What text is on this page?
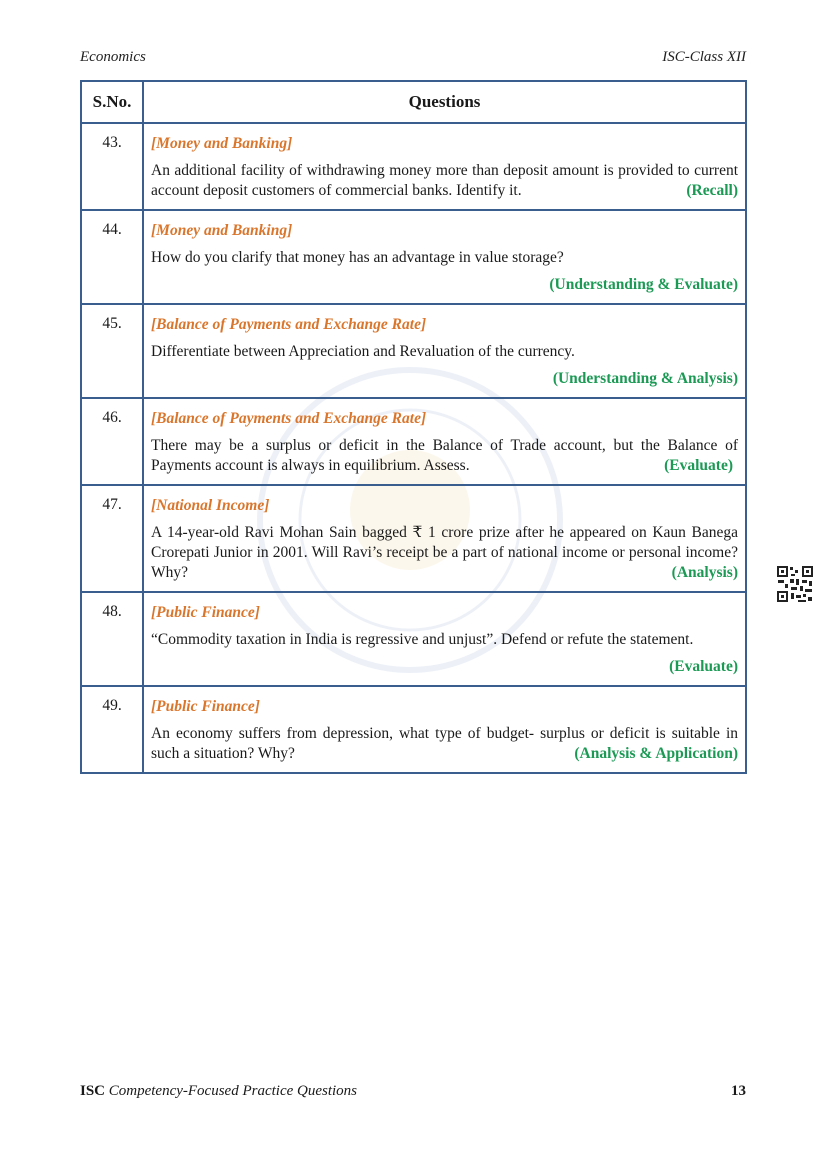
Economics	ISC-Class XII
S.No.	Questions
43.	[Money and Banking]
An additional facility of withdrawing money more than deposit amount is provided to current account deposit customers of commercial banks. Identify it. (Recall)

44.	[Money and Banking]
How do you clarify that money has an advantage in value storage?
(Understanding & Evaluate)

45.	[Balance of Payments and Exchange Rate]
Differentiate between Appreciation and Revaluation of the currency.
(Understanding & Analysis)

46.	[Balance of Payments and Exchange Rate]
There may be a surplus or deficit in the Balance of Trade account, but the Balance of Payments account is always in equilibrium. Assess. (Evaluate)

47.	[National Income]
A 14-year-old Ravi Mohan Sain bagged ₹ 1 crore prize after he appeared on Kaun Banega Crorepati Junior in 2001. Will Ravi’s receipt be a part of national income or personal income? Why? (Analysis)

48.	[Public Finance]
“Commodity taxation in India is regressive and unjust”. Defend or refute the statement.
(Evaluate)

49.	[Public Finance]
An economy suffers from depression, what type of budget- surplus or deficit is suitable in such a situation? Why? (Analysis & Application)
ISC Competency-Focused Practice Questions	13
